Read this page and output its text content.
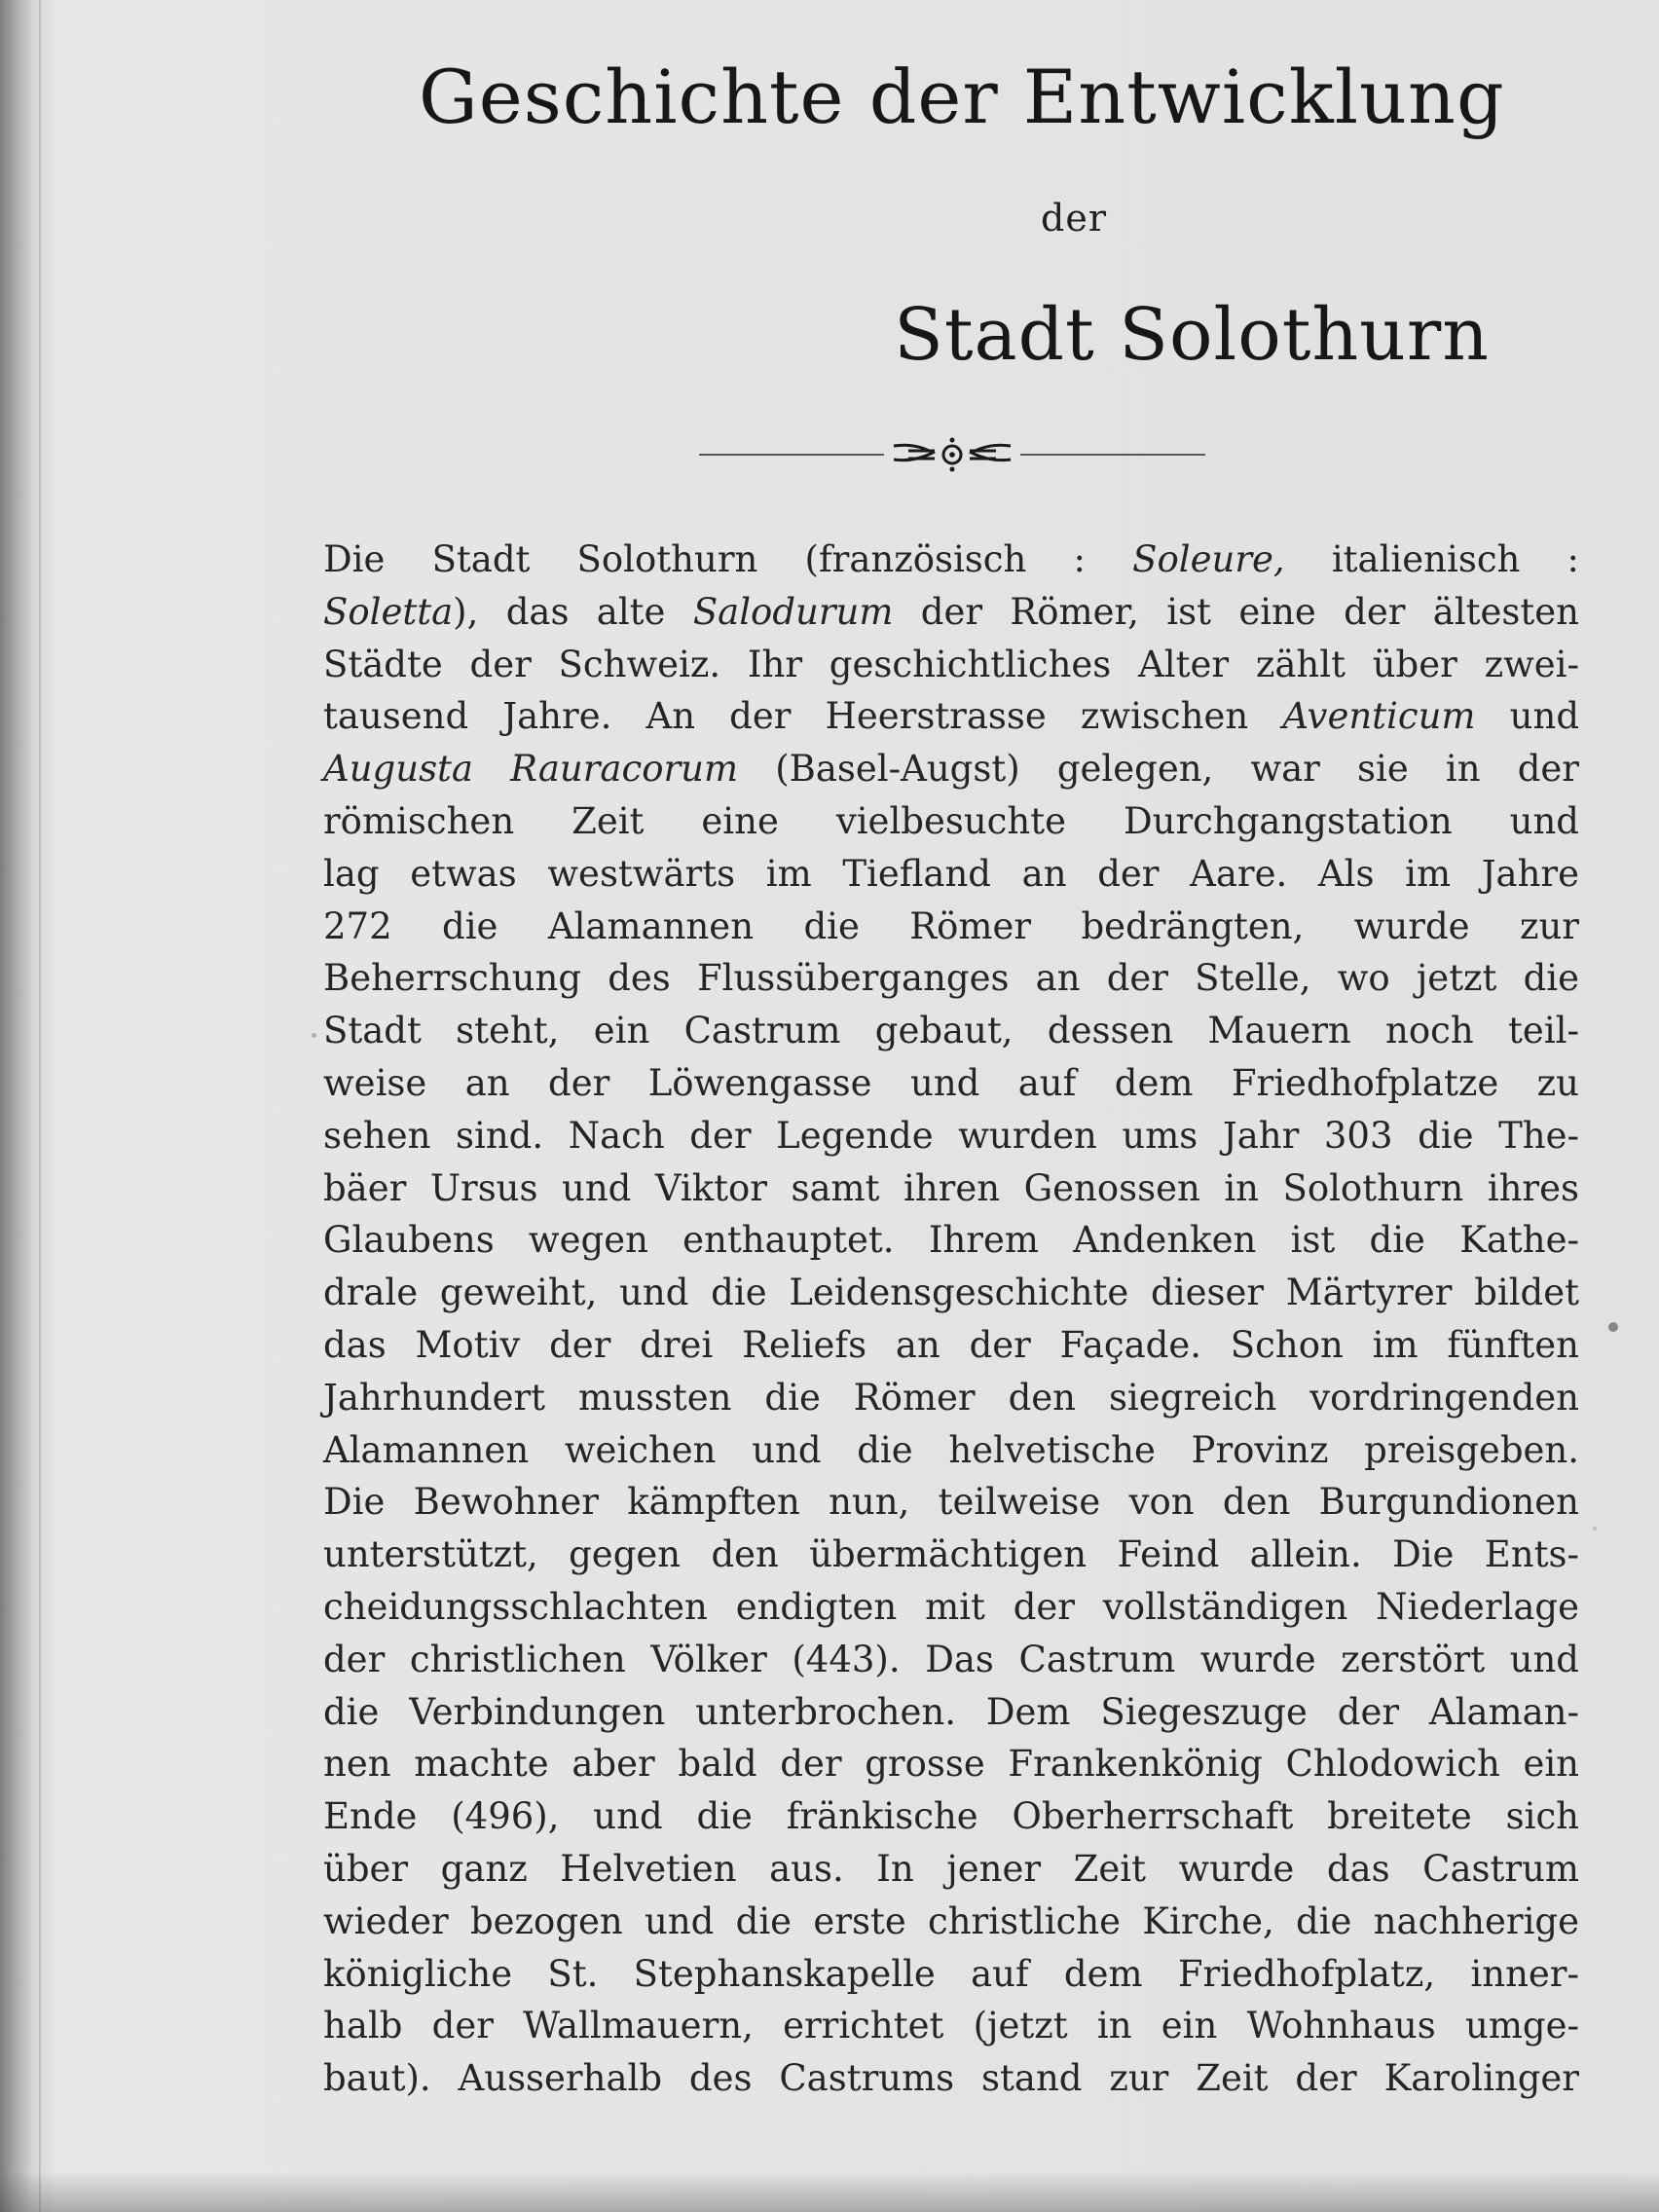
Geschichte der Entwicklung
der
Stadt Solothurn
Die Stadt Solothurn (französisch : Soleure, italienisch :
Soletta), das alte Salodurum der Römer, ist eine der ältesten
Städte der Schweiz. Ihr geschichtliches Alter zählt über zwei-
tausend Jahre. An der Heerstrasse zwischen Aventicum und
Augusta Rauracorum (Basel-Augst) gelegen, war sie in der
römischen Zeit eine vielbesuchte Durchgangstation und
lag etwas westwärts im Tiefland an der Aare. Als im Jahre
272 die Alamannen die Römer bedrängten, wurde zur
Beherrschung des Flussüberganges an der Stelle, wo jetzt die
Stadt steht, ein Castrum gebaut, dessen Mauern noch teil-
weise an der Löwengasse und auf dem Friedhofplatze zu
sehen sind. Nach der Legende wurden ums Jahr 303 die The-
bäer Ursus und Viktor samt ihren Genossen in Solothurn ihres
Glaubens wegen enthauptet. Ihrem Andenken ist die Kathe-
drale geweiht, und die Leidensgeschichte dieser Märtyrer bildet
das Motiv der drei Reliefs an der Façade. Schon im fünften
Jahrhundert mussten die Römer den siegreich vordringenden
Alamannen weichen und die helvetische Provinz preisgeben.
Die Bewohner kämpften nun, teilweise von den Burgundionen
unterstützt, gegen den übermächtigen Feind allein. Die Ents-
cheidungsschlachten endigten mit der vollständigen Niederlage
der christlichen Völker (443). Das Castrum wurde zerstört und
die Verbindungen unterbrochen. Dem Siegeszuge der Alaman-
nen machte aber bald der grosse Frankenkönig Chlodowich ein
Ende (496), und die fränkische Oberherrschaft breitete sich
über ganz Helvetien aus. In jener Zeit wurde das Castrum
wieder bezogen und die erste christliche Kirche, die nachherige
königliche St. Stephanskapelle auf dem Friedhofplatz, inner-
halb der Wallmauern, errichtet (jetzt in ein Wohnhaus umge-
baut). Ausserhalb des Castrums stand zur Zeit der Karolinger
